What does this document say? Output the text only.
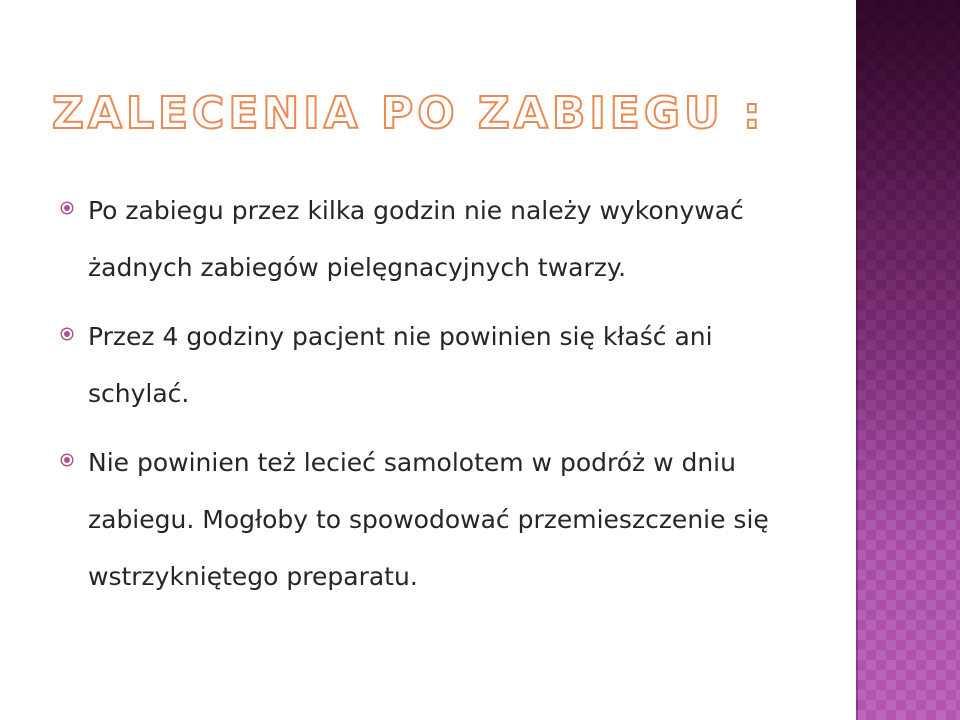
ZALECENIA PO ZABIEGU :

Po zabiegu przez kilka godzin nie należy wykonywać żadnych zabiegów pielęgnacyjnych twarzy.

Przez 4 godziny pacjent nie powinien się kłaść ani schylać.

Nie powinien też lecieć samolotem w podróż w dniu zabiegu. Mogłoby to spowodować przemieszczenie się wstrzykniętego preparatu.
